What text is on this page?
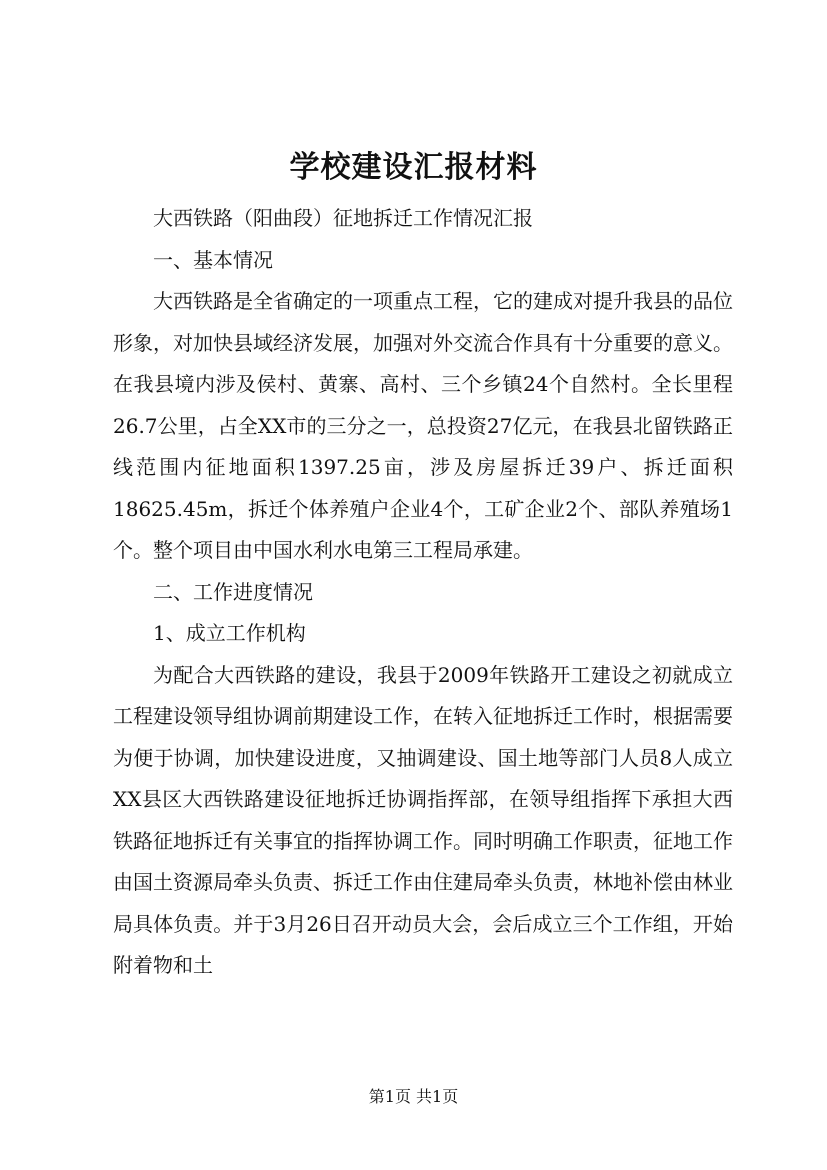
学校建设汇报材料

大西铁路（阳曲段）征地拆迁工作情况汇报

一、基本情况

大西铁路是全省确定的一项重点工程，它的建成对提升我县的品位形象，对加快县域经济发展，加强对外交流合作具有十分重要的意义。在我县境内涉及侯村、黄寨、高村、三个乡镇24个自然村。全长里程26.7公里，占全XX市的三分之一，总投资27亿元，在我县北留铁路正线范围内征地面积1397.25亩，涉及房屋拆迁39户、拆迁面积18625.45m，拆迁个体养殖户企业4个，工矿企业2个、部队养殖场1个。整个项目由中国水利水电第三工程局承建。

二、工作进度情况

1、成立工作机构

为配合大西铁路的建设，我县于2009年铁路开工建设之初就成立工程建设领导组协调前期建设工作，在转入征地拆迁工作时，根据需要为便于协调，加快建设进度，又抽调建设、国土地等部门人员8人成立XX县区大西铁路建设征地拆迁协调指挥部，在领导组指挥下承担大西铁路征地拆迁有关事宜的指挥协调工作。同时明确工作职责，征地工作由国土资源局牵头负责、拆迁工作由住建局牵头负责，林地补偿由林业局具体负责。并于3月26日召开动员大会，会后成立三个工作组，开始附着物和土

第1页 共1页
